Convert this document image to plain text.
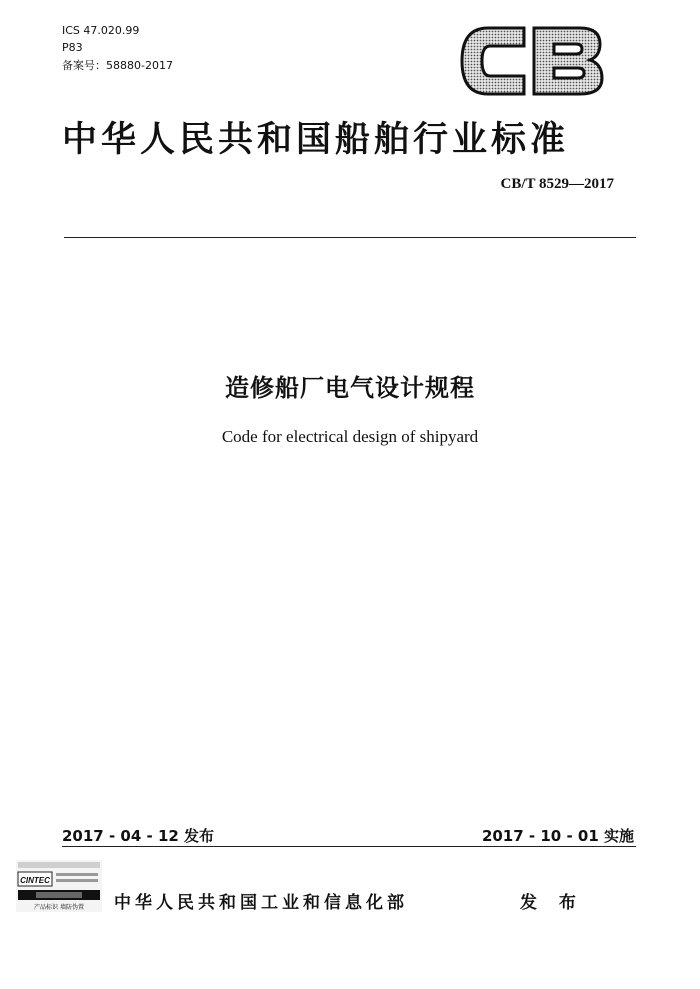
ICS 47.020.99
P83
备案号：58880-2017
中华人民共和国船舶行业标准
CB/T 8529—2017
造修船厂电气设计规程
Code for electrical design of shipyard
2017 - 04 - 12 发布	2017 - 10 - 01 实施
CINTEC
产品标识 墙防伪置 中华人民共和国工业和信息化部	发 布
